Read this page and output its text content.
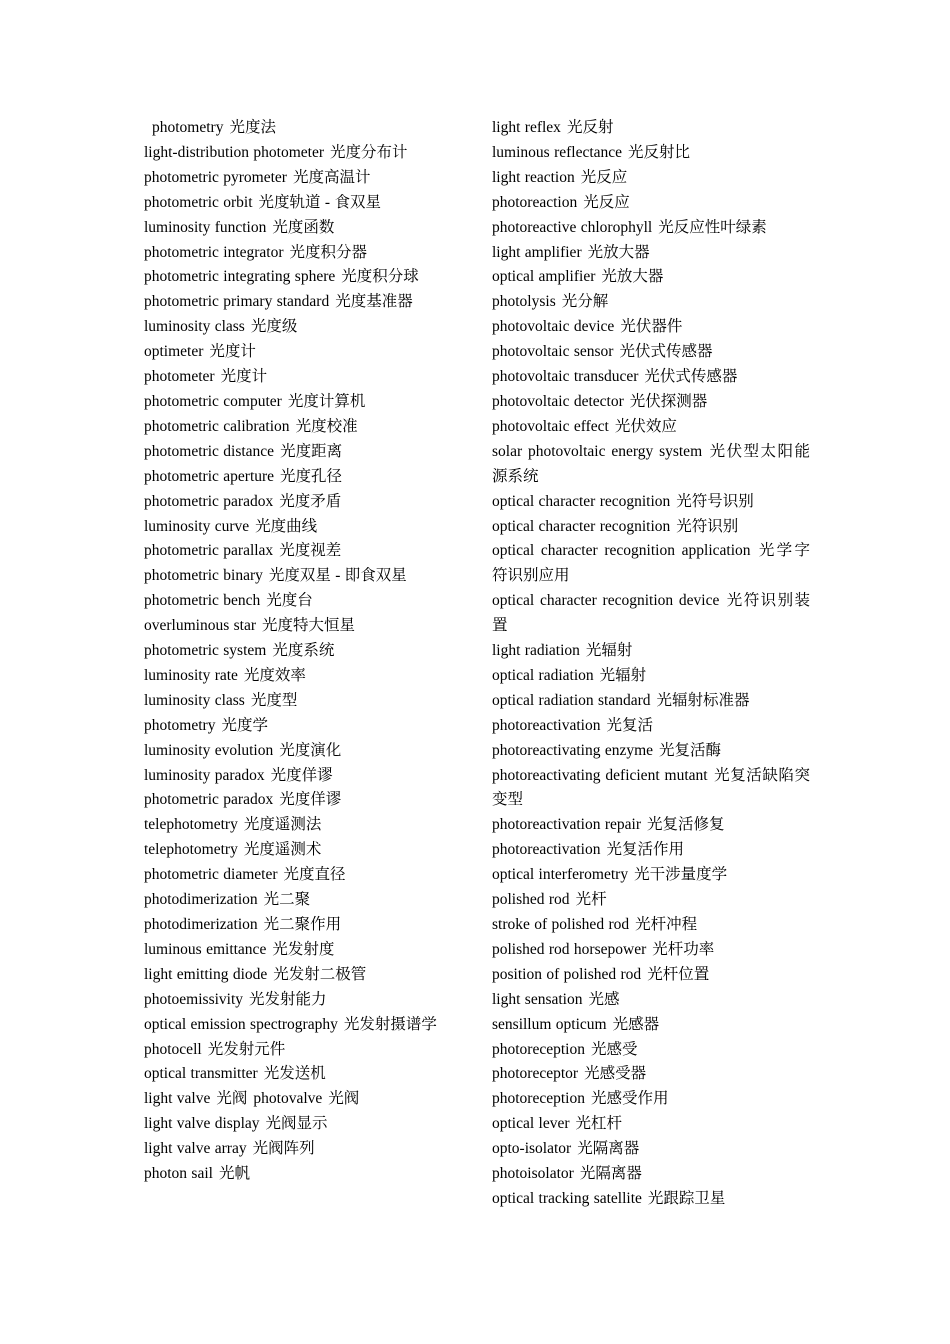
photometry 光度法

light-distribution photometer 光度分布计

photometric pyrometer 光度高温计

photometric orbit 光度轨道 - 食双星

luminosity function 光度函数

photometric integrator 光度积分器

photometric integrating sphere 光度积分球

photometric primary standard 光度基准器

luminosity class 光度级

optimeter 光度计

photometer 光度计

photometric computer 光度计算机

photometric calibration 光度校准

photometric distance 光度距离

photometric aperture 光度孔径

photometric paradox 光度矛盾

luminosity curve 光度曲线

photometric parallax 光度视差

photometric binary 光度双星 - 即食双星

photometric bench 光度台

overluminous star 光度特大恒星

photometric system 光度系统

luminosity rate 光度效率

luminosity class 光度型

photometry 光度学

luminosity evolution 光度演化

luminosity paradox 光度佯谬

photometric paradox 光度佯谬

telephotometry 光度遥测法

telephotometry 光度遥测术

photometric diameter 光度直径

photodimerization 光二聚

photodimerization 光二聚作用

luminous emittance 光发射度

light emitting diode 光发射二极管

photoemissivity 光发射能力

optical emission spectrography 光发射摄谱学

photocell 光发射元件

optical transmitter 光发送机

light valve 光阀 photovalve 光阀

light valve display 光阀显示

light valve array 光阀阵列

photon sail 光帆

light reflex 光反射

luminous reflectance 光反射比

light reaction 光反应

photoreaction 光反应

photoreactive chlorophyll 光反应性叶绿素

light amplifier 光放大器

optical amplifier 光放大器

photolysis 光分解

photovoltaic device 光伏器件

photovoltaic sensor 光伏式传感器

photovoltaic transducer 光伏式传感器

photovoltaic detector 光伏探测器

photovoltaic effect 光伏效应

solar photovoltaic energy system 光伏型太阳能源系统

optical character recognition 光符号识别

optical character recognition 光符识别

optical character recognition application 光学字符识别应用

optical character recognition device 光符识别装置

light radiation 光辐射

optical radiation 光辐射

optical radiation standard 光辐射标准器

photoreactivation 光复活

photoreactivating enzyme 光复活酶

photoreactivating deficient mutant 光复活缺陷突变型

photoreactivation repair 光复活修复

photoreactivation 光复活作用

optical interferometry 光干涉量度学

polished rod 光杆

stroke of polished rod 光杆冲程

polished rod horsepower 光杆功率

position of polished rod 光杆位置

light sensation 光感

sensillum opticum 光感器

photoreception 光感受

photoreceptor 光感受器

photoreception 光感受作用

optical lever 光杠杆

opto-isolator 光隔离器

photoisolator 光隔离器

optical tracking satellite 光跟踪卫星
